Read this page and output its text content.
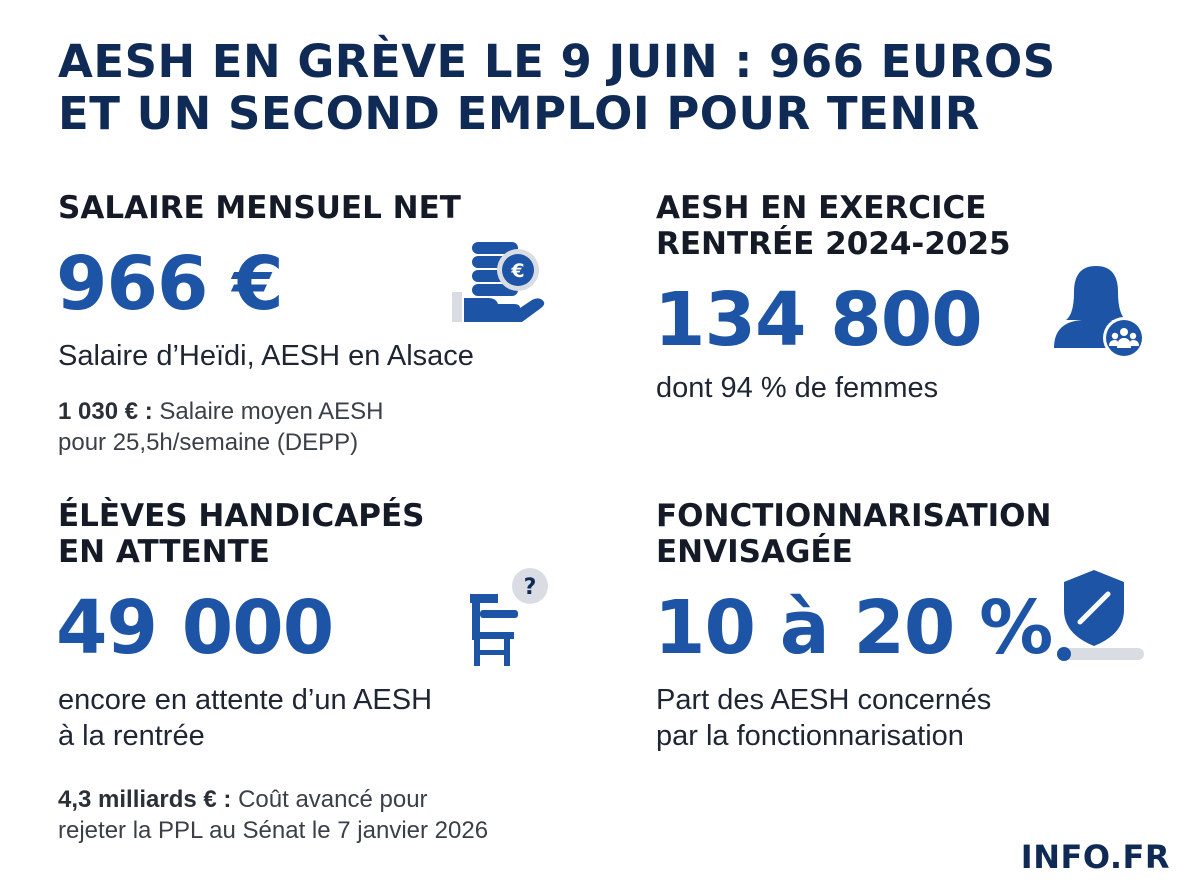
AESH EN GRÈVE LE 9 JUIN : 966 EUROS
ET UN SECOND EMPLOI POUR TENIR
SALAIRE MENSUEL NET

966 €	€

Salaire d’Heïdi, AESH en Alsace

1 030 € : Salaire moyen AESH
pour 25,5h/semaine (DEPP)

AESH EN EXERCICE
RENTRÉE 2024-2025

134 800

dont 94 % de femmes

ÉLÈVES HANDICAPÉS
EN ATTENTE

49 000	?

encore en attente d’un AESH
à la rentrée

4,3 milliards € : Coût avancé pour
rejeter la PPL au Sénat le 7 janvier 2026

FONCTIONNARISATION
ENVISAGÉE

10 à 20 %

Part des AESH concernés
par la fonctionnarisation

INFO.FR
